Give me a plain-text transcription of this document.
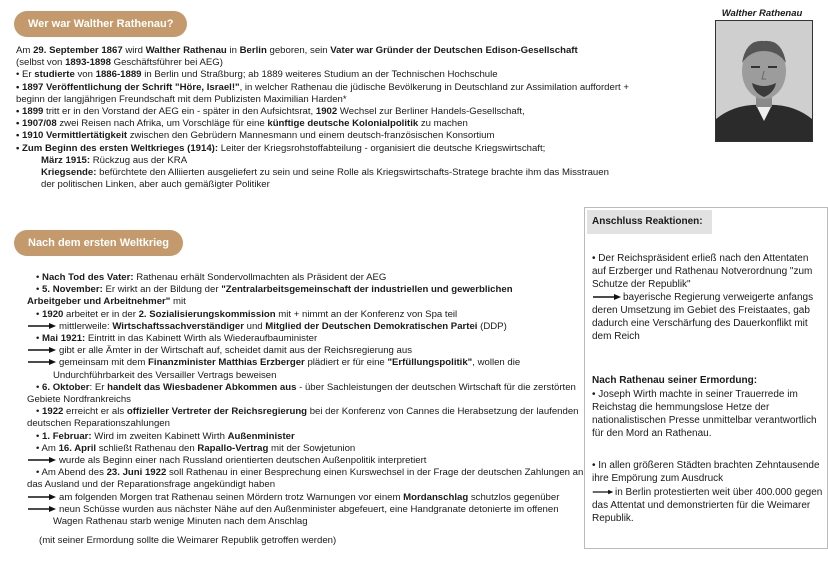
Wer war Walther Rathenau?
Am 29. September 1867 wird Walther Rathenau in Berlin geboren, sein Vater war Gründer der Deutschen Edison-Gesellschaft
(selbst von 1893-1898 Geschäftsführer bei AEG)
• Er studierte von 1886-1889 in Berlin und Straßburg; ab 1889 weiteres Studium an der Technischen Hochschule
• 1897 Veröffentlichung der Schrift "Höre, Israel!", in welcher Rathenau die jüdische Bevölkerung in Deutschland zur Assimilation auffordert +
beginn der langjährigen Freundschaft mit dem Publizisten Maximilian Harden*
• 1899 tritt er in den Vorstand der AEG ein - später in den Aufsichtsrat, 1902 Wechsel zur Berliner Handels-Gesellschaft,
• 1907/08 zwei Reisen nach Afrika, um Vorschläge für eine künftige deutsche Kolonialpolitik zu machen
• 1910 Vermittlertätigkeit zwischen den Gebrüdern Mannesmann und einem deutsch-französischen Konsortium
• Zum Beginn des ersten Weltkrieges (1914): Leiter der Kriegsrohstoffabteilung - organisiert die deutsche Kriegswirtschaft;
März 1915: Rückzug aus der KRA
Kriegsende: befürchtete den Alliierten ausgeliefert zu sein und seine Rolle als Kriegswirtschafts-Stratege brachte ihm das Misstrauen
der politischen Linken, aber auch gemäßigter Politiker
Walther Rathenau
Nach dem ersten Weltkrieg
• Nach Tod des Vater: Rathenau erhält Sondervollmachten als Präsident der AEG
• 5. November: Er wirkt an der Bildung der "Zentralarbeitsgemeinschaft der industriellen und gewerblichen
Arbeitgeber und Arbeitnehmer" mit
• 1920 arbeitet er in der 2. Sozialisierungskommission mit + nimmt an der Konferenz von Spa teil
mittlerweile: Wirtschaftssachverständiger und Mitglied der Deutschen Demokratischen Partei (DDP)
• Mai 1921: Eintritt in das Kabinett Wirth als Wiederaufbauminister
gibt er alle Ämter in der Wirtschaft auf, scheidet damit aus der Reichsregierung aus
gemeinsam mit dem Finanzminister Matthias Erzberger plädiert er für eine "Erfüllungspolitik", wollen die
Undurchführbarkeit des Versailler Vertrags beweisen
• 6. Oktober: Er handelt das Wiesbadener Abkommen aus - über Sachleistungen der deutschen Wirtschaft für die zerstörten
Gebiete Nordfrankreichs
• 1922 erreicht er als offizieller Vertreter der Reichsregierung bei der Konferenz von Cannes die Herabsetzung der laufenden
deutschen Reparationszahlungen
• 1. Februar: Wird im zweiten Kabinett Wirth Außenminister
• Am 16. April schließt Rathenau den Rapallo-Vertrag mit der Sowjetunion
wurde als Beginn einer nach Russland orientierten deutschen Außenpolitik interpretiert
• Am Abend des 23. Juni 1922 soll Rathenau in einer Besprechung einen Kurswechsel in der Frage der deutschen Zahlungen an
das Ausland und der Reparationsfrage angekündigt haben
am folgenden Morgen trat Rathenau seinen Mördern trotz Warnungen vor einem Mordanschlag schutzlos gegenüber
neun Schüsse wurden aus nächster Nähe auf den Außenminister abgefeuert, eine Handgranate detonierte im offenen
Wagen Rathenau starb wenige Minuten nach dem Anschlag
(mit seiner Ermordung sollte die Weimarer Republik getroffen werden)
Anschluss Reaktionen:
• Der Reichspräsident erließ nach den Attentaten auf Erzberger und Rathenau Notverordnung "zum Schutze der Republik"
bayerische Regierung verweigerte anfangs deren Umsetzung im Gebiet des Freistaates, gab dadurch eine Verschärfung des Dauerkonflikt mit dem Reich
Nach Rathenau seiner Ermordung:
• Joseph Wirth machte in seiner Trauerrede im Reichstag die hemmungslose Hetze der nationalistischen Presse unmittelbar verantwortlich für den Mord an Rathenau.
• In allen größeren Städten brachten Zehntausende ihre Empörung zum Ausdruck
in Berlin protestierten weit über 400.000 gegen das Attentat und demonstrierten für die Weimarer Republik.
